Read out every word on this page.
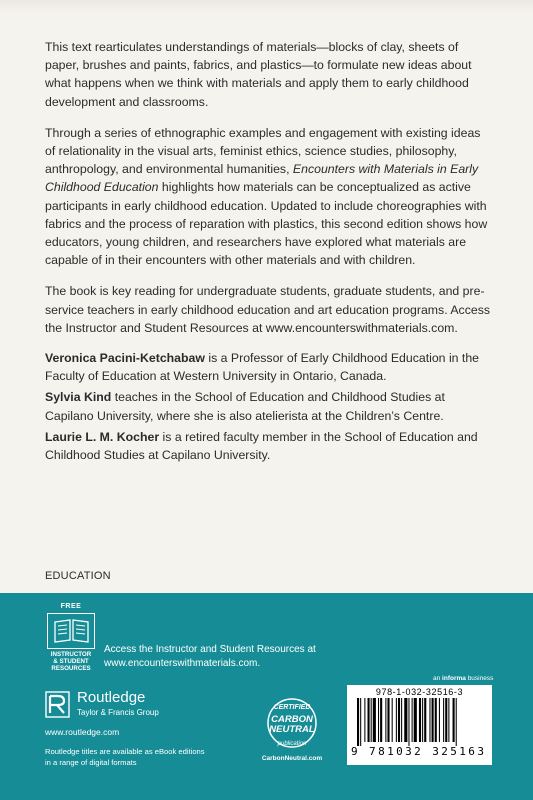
This text rearticulates understandings of materials—blocks of clay, sheets of paper, brushes and paints, fabrics, and plastics—to formulate new ideas about what happens when we think with materials and apply them to early childhood development and classrooms.

Through a series of ethnographic examples and engagement with existing ideas of relationality in the visual arts, feminist ethics, science studies, philosophy, anthropology, and environmental humanities, Encounters with Materials in Early Childhood Education highlights how materials can be conceptualized as active participants in early childhood education. Updated to include choreographies with fabrics and the process of reparation with plastics, this second edition shows how educators, young children, and researchers have explored what materials are capable of in their encounters with other materials and with children.

The book is key reading for undergraduate students, graduate students, and pre-service teachers in early childhood education and art education programs. Access the Instructor and Student Resources at www.encounterswithmaterials.com.

Veronica Pacini-Ketchabaw is a Professor of Early Childhood Education in the Faculty of Education at Western University in Ontario, Canada.

Sylvia Kind teaches in the School of Education and Childhood Studies at Capilano University, where she is also atelierista at the Children’s Centre.

Laurie L. M. Kocher is a retired faculty member in the School of Education and Childhood Studies at Capilano University.

EDUCATION
FREE
INSTRUCTOR
& STUDENT
RESOURCES
Access the Instructor and Student Resources at
www.encounterswithmaterials.com.
Routledge
Taylor & Francis Group
www.routledge.com
Routledge titles are available as eBook editions
in a range of digital formats
CERTIFIED
CARBON
NEUTRAL
publication
CarbonNeutral.com
an informa business
978-1-032-32516-3
9 781032 325163
